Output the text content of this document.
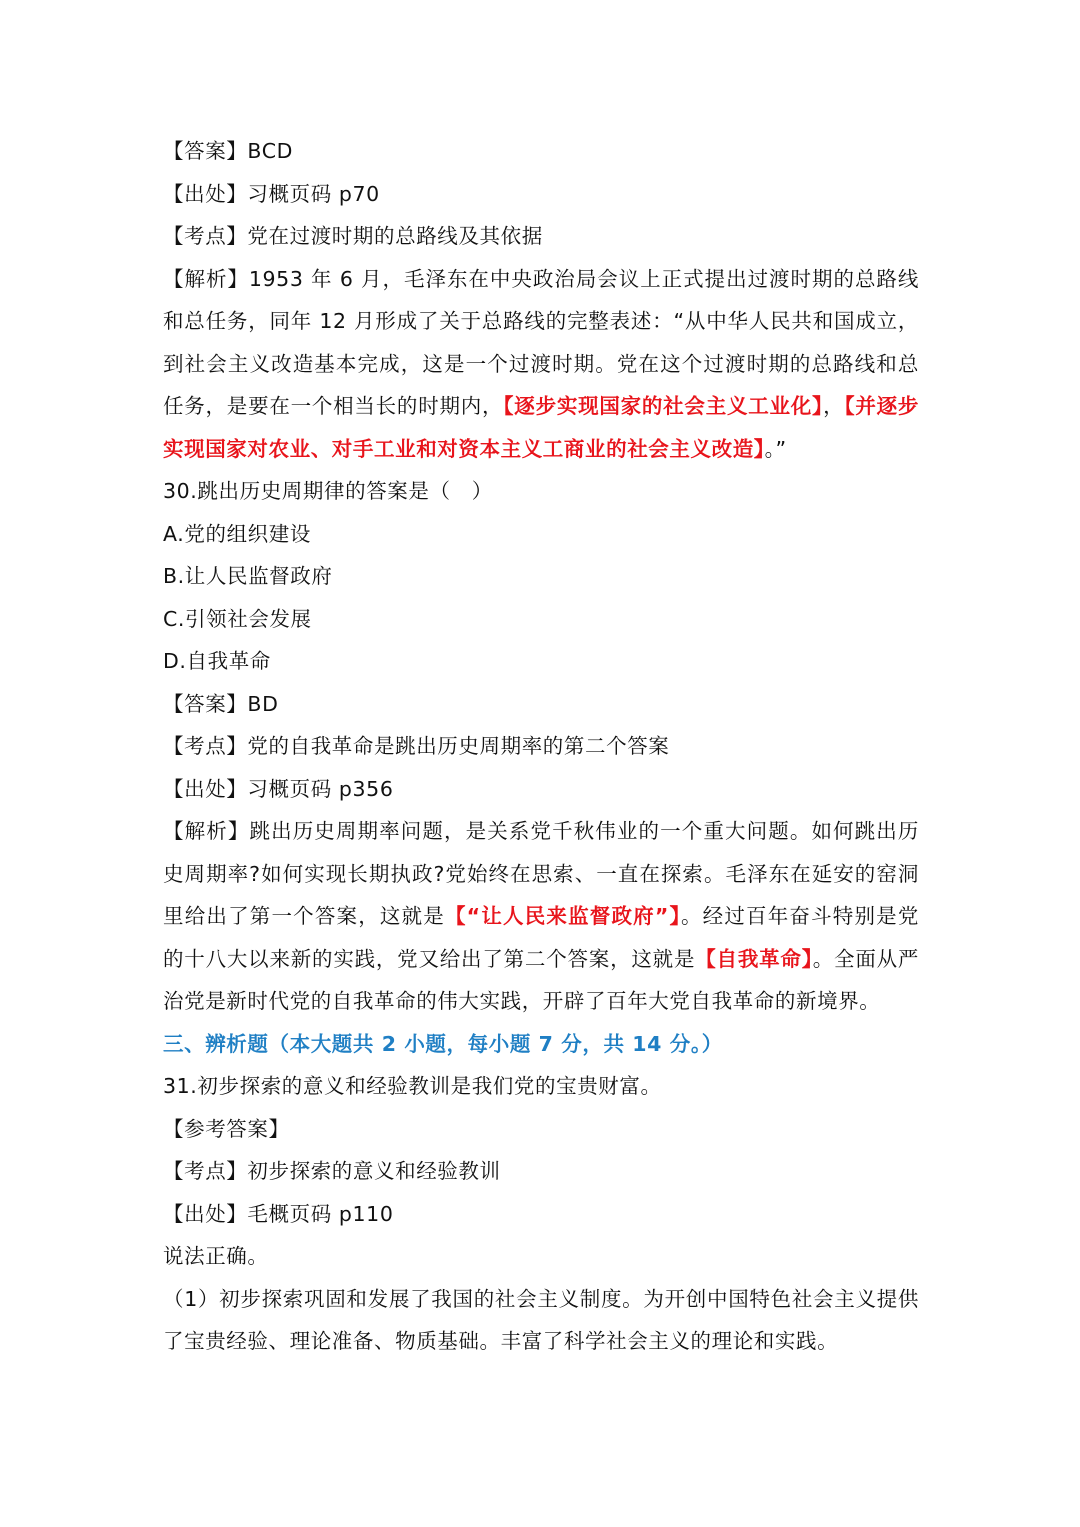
【答案】BCD
【出处】习概页码 p70
【考点】党在过渡时期的总路线及其依据
【解析】1953 年 6 月，毛泽东在中央政治局会议上正式提出过渡时期的总路线和总任务，同年 12 月形成了关于总路线的完整表述：“从中华人民共和国成立，到社会主义改造基本完成，这是一个过渡时期。党在这个过渡时期的总路线和总任务，是要在一个相当长的时期内，【逐步实现国家的社会主义工业化】，【并逐步实现国家对农业、对手工业和对资本主义工商业的社会主义改造】。”
30.跳出历史周期律的答案是（　）
A.党的组织建设
B.让人民监督政府
C.引领社会发展
D.自我革命
【答案】BD
【考点】党的自我革命是跳出历史周期率的第二个答案
【出处】习概页码 p356
【解析】跳出历史周期率问题，是关系党千秋伟业的一个重大问题。如何跳出历史周期率?如何实现长期执政?党始终在思索、一直在探索。毛泽东在延安的窑洞里给出了第一个答案，这就是【“让人民来监督政府”】。经过百年奋斗特别是党的十八大以来新的实践，党又给出了第二个答案，这就是【自我革命】。全面从严治党是新时代党的自我革命的伟大实践，开辟了百年大党自我革命的新境界。
三、辨析题（本大题共 2 小题，每小题 7 分，共 14 分。）
31.初步探索的意义和经验教训是我们党的宝贵财富。
【参考答案】
【考点】初步探索的意义和经验教训
【出处】毛概页码 p110
说法正确。
（1）初步探索巩固和发展了我国的社会主义制度。为开创中国特色社会主义提供了宝贵经验、理论准备、物质基础。丰富了科学社会主义的理论和实践。
